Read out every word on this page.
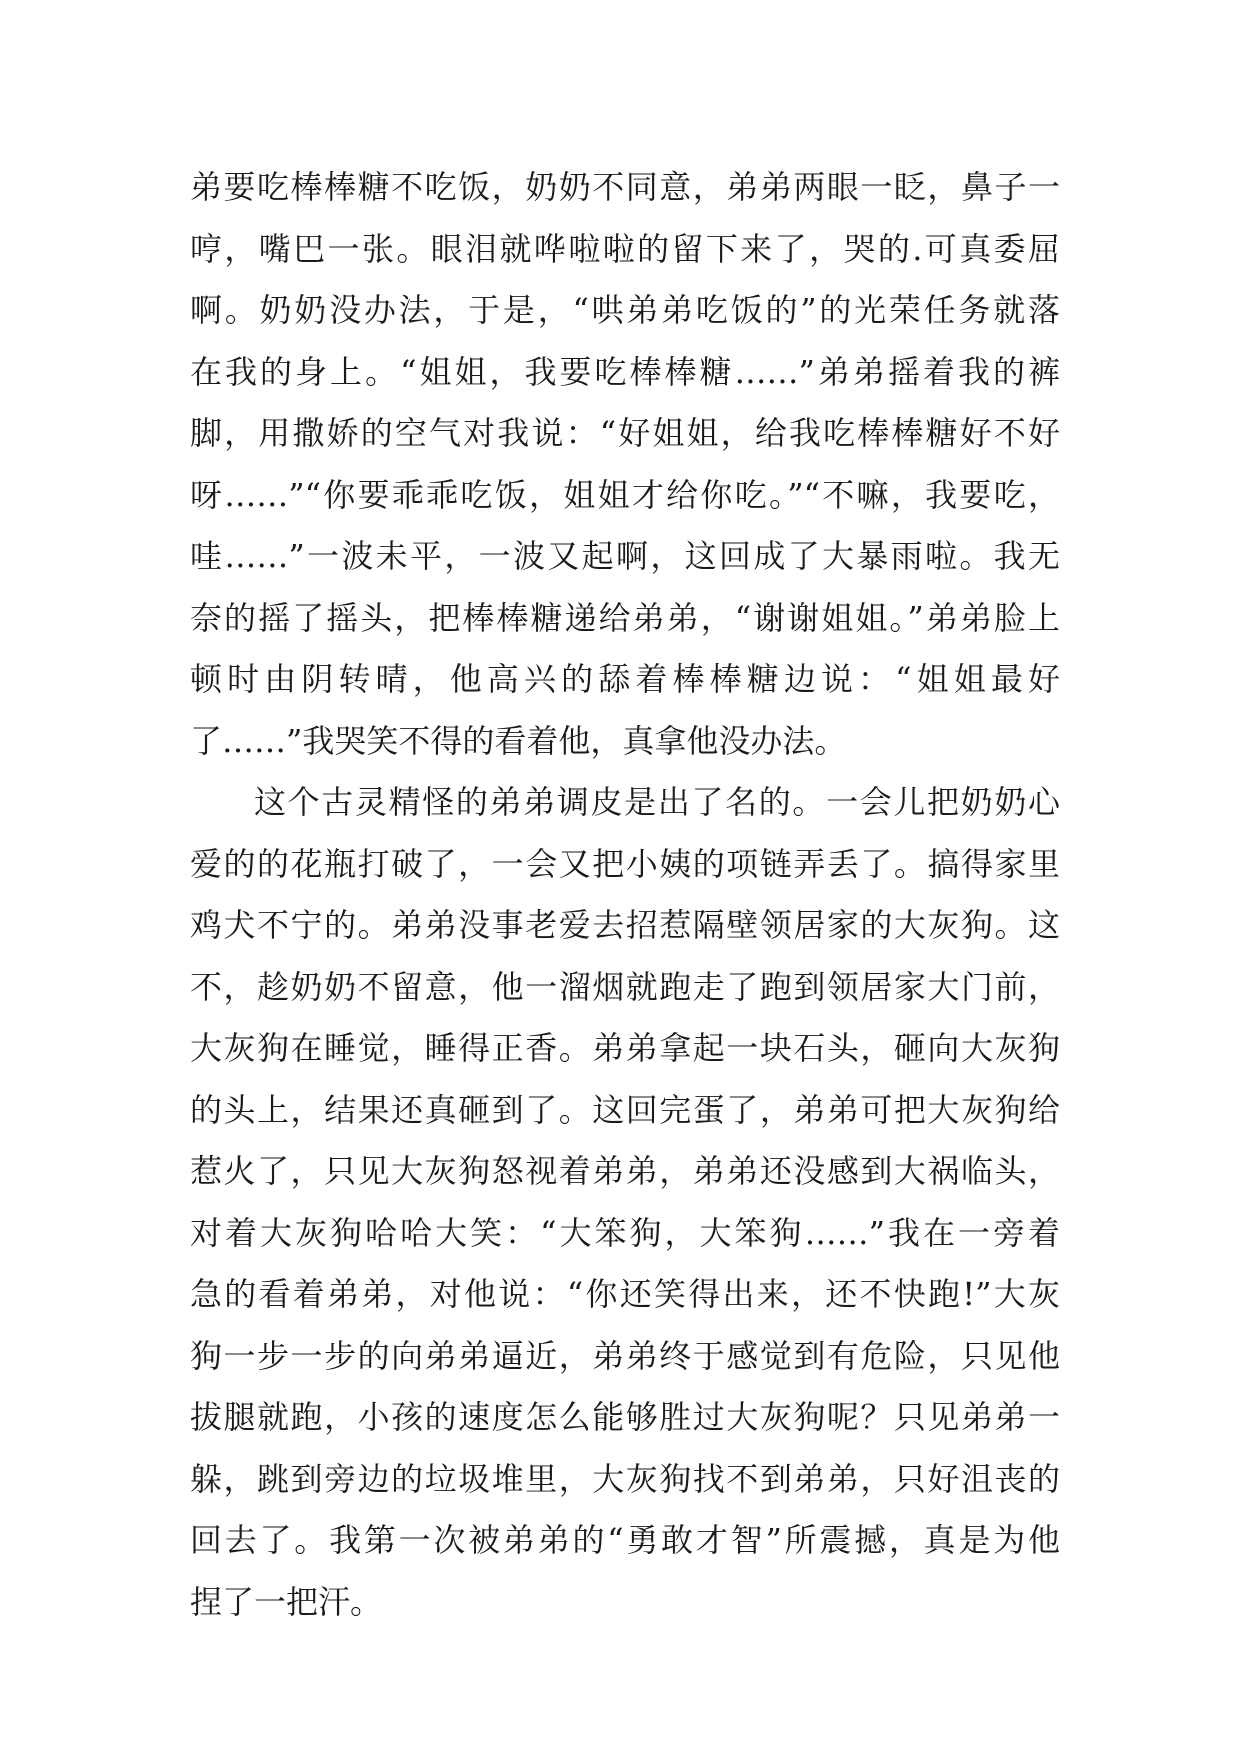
弟要吃棒棒糖不吃饭，奶奶不同意，弟弟两眼一眨，鼻子一
哼，嘴巴一张。眼泪就哗啦啦的留下来了，哭的.可真委屈
啊。奶奶没办法，于是，“哄弟弟吃饭的”的光荣任务就落
在我的身上。“姐姐，我要吃棒棒糖……”弟弟摇着我的裤
脚，用撒娇的空气对我说：“好姐姐，给我吃棒棒糖好不好
呀……”“你要乖乖吃饭，姐姐才给你吃。”“不嘛，我要吃，
哇……”一波未平，一波又起啊，这回成了大暴雨啦。我无
奈的摇了摇头，把棒棒糖递给弟弟，“谢谢姐姐。”弟弟脸上
顿时由阴转晴，他高兴的舔着棒棒糖边说：“姐姐最好
了……”我哭笑不得的看着他，真拿他没办法。
这个古灵精怪的弟弟调皮是出了名的。一会儿把奶奶心
爱的的花瓶打破了，一会又把小姨的项链弄丢了。搞得家里
鸡犬不宁的。弟弟没事老爱去招惹隔壁领居家的大灰狗。这
不，趁奶奶不留意，他一溜烟就跑走了跑到领居家大门前，
大灰狗在睡觉，睡得正香。弟弟拿起一块石头，砸向大灰狗
的头上，结果还真砸到了。这回完蛋了，弟弟可把大灰狗给
惹火了，只见大灰狗怒视着弟弟，弟弟还没感到大祸临头，
对着大灰狗哈哈大笑：“大笨狗，大笨狗……”我在一旁着
急的看着弟弟，对他说：“你还笑得出来，还不快跑!”大灰
狗一步一步的向弟弟逼近，弟弟终于感觉到有危险，只见他
拔腿就跑，小孩的速度怎么能够胜过大灰狗呢？只见弟弟一
躲，跳到旁边的垃圾堆里，大灰狗找不到弟弟，只好沮丧的
回去了。我第一次被弟弟的“勇敢才智”所震撼，真是为他
捏了一把汗。
